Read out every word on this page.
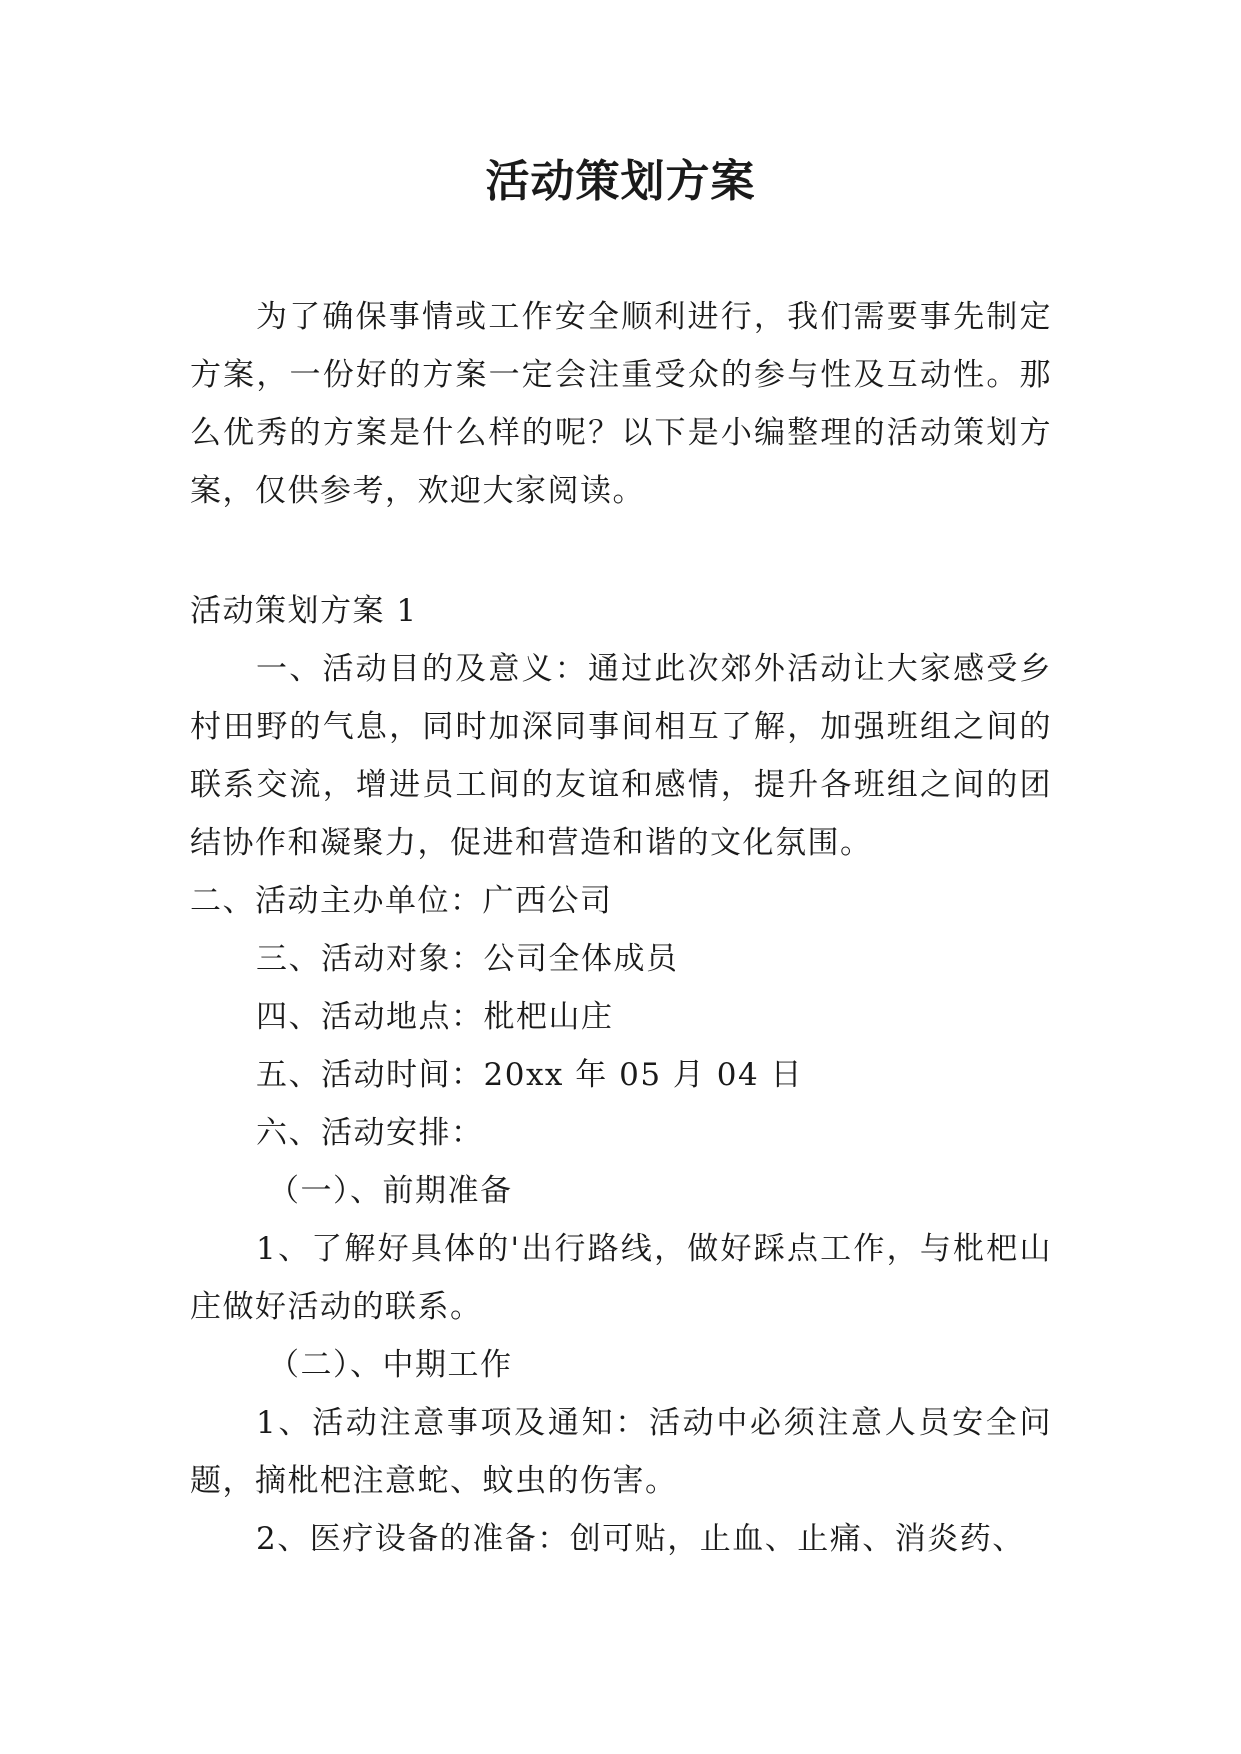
活动策划方案

为了确保事情或工作安全顺利进行，我们需要事先制定方案，一份好的方案一定会注重受众的参与性及互动性。那么优秀的方案是什么样的呢？以下是小编整理的活动策划方案，仅供参考，欢迎大家阅读。

活动策划方案 1

一、活动目的及意义：通过此次郊外活动让大家感受乡村田野的气息，同时加深同事间相互了解，加强班组之间的联系交流，增进员工间的友谊和感情，提升各班组之间的团结协作和凝聚力，促进和营造和谐的文化氛围。

二、活动主办单位：广西公司

三、活动对象：公司全体成员

四、活动地点：枇杷山庄

五、活动时间：20xx 年 05 月 04 日

六、活动安排：

（一）、前期准备

1、了解好具体的'出行路线，做好踩点工作，与枇杷山庄做好活动的联系。

（二）、中期工作

1、活动注意事项及通知：活动中必须注意人员安全问题，摘枇杷注意蛇、蚊虫的伤害。

2、医疗设备的准备：创可贴，止血、止痛、消炎药、
